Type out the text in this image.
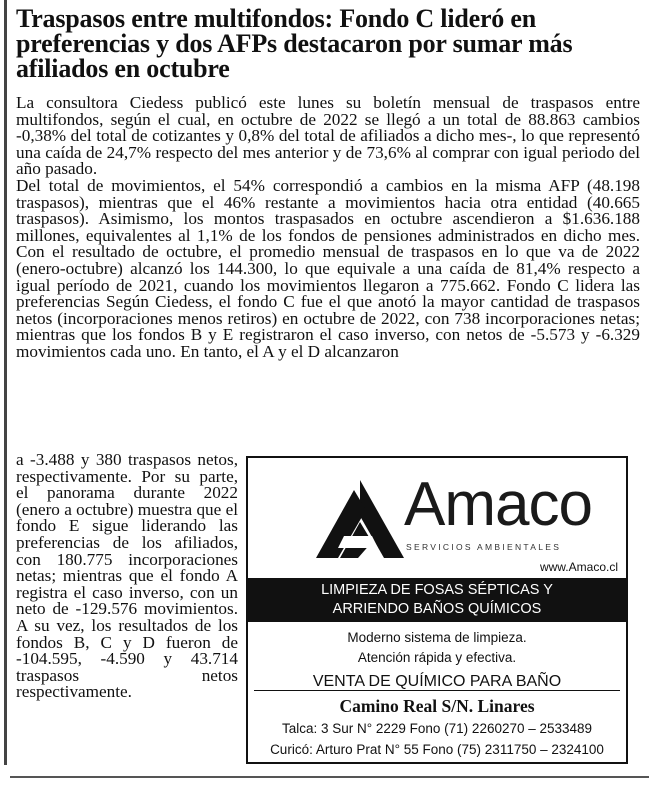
Traspasos entre multifondos: Fondo C lideró en preferencias y dos AFPs destacaron por sumar más afiliados en octubre

La consultora Ciedess publicó este lunes su boletín mensual de traspasos entre multifondos, según el cual, en octubre de 2022 se llegó a un total de 88.863 cambios -0,38% del total de cotizantes y 0,8% del total de afiliados a dicho mes-, lo que representó una caída de 24,7% respecto del mes anterior y de 73,6% al comprar con igual periodo del año pasado.

Del total de movimientos, el 54% correspondió a cambios en la misma AFP (48.198 traspasos), mientras que el 46% restante a movimientos hacia otra entidad (40.665 traspasos). Asimismo, los montos traspasados en octubre ascendieron a $1.636.188 millones, equivalentes al 1,1% de los fondos de pensiones administrados en dicho mes. Con el resultado de octubre, el promedio mensual de traspasos en lo que va de 2022 (enero-octubre) alcanzó los 144.300, lo que equivale a una caída de 81,4% respecto a igual período de 2021, cuando los movimientos llegaron a 775.662. Fondo C lidera las preferencias Según Ciedess, el fondo C fue el que anotó la mayor cantidad de traspasos netos (incorporaciones menos retiros) en octubre de 2022, con 738 incorporaciones netas; mientras que los fondos B y E registraron el caso inverso, con netos de -5.573 y -6.329 movimientos cada uno. En tanto, el A y el D alcanzaron

a -3.488 y 380 traspasos netos, respectivamente. Por su parte, el panorama durante 2022 (enero a octubre) muestra que el fondo E sigue liderando las preferencias de los afiliados, con 180.775 incorporaciones netas; mientras que el fondo A registra el caso inverso, con un neto de -129.576 movimientos. A su vez, los resultados de los fondos B, C y D fueron de -104.595, -4.590 y 43.714 traspasos netos respectivamente.

Amaco
SERVICIOS AMBIENTALES
www.Amaco.cl
LIMPIEZA DE FOSAS SÉPTICAS Y
ARRIENDO BAÑOS QUÍMICOS
Moderno sistema de limpieza.
Atención rápida y efectiva.
VENTA DE QUÍMICO PARA BAÑO
Camino Real S/N. Linares
Talca: 3 Sur N° 2229 Fono (71) 2260270 – 2533489
Curicó: Arturo Prat N° 55 Fono (75) 2311750 – 2324100
